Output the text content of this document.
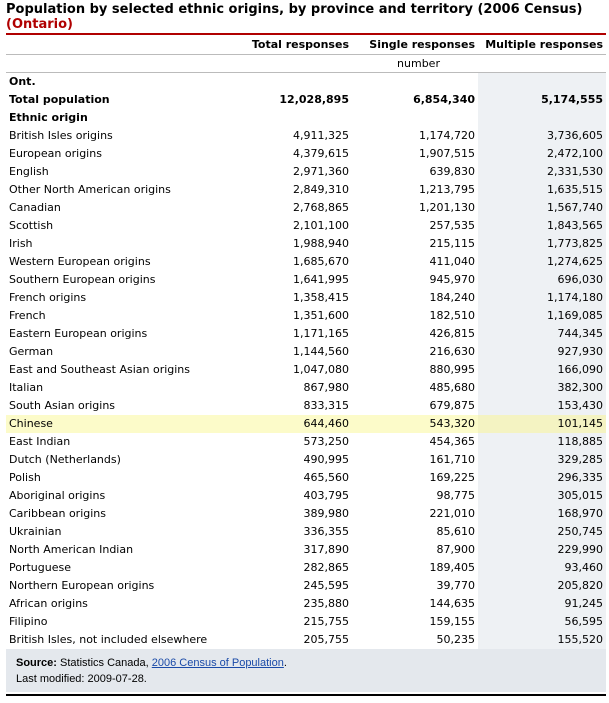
Population by selected ethnic origins, by province and territory (2006 Census)
(Ontario)
	Total responses	Single responses	Multiple responses
	number		
Ont.			
Total population	12,028,895	6,854,340	5,174,555
Ethnic origin			
British Isles origins	4,911,325	1,174,720	3,736,605
European origins	4,379,615	1,907,515	2,472,100
English	2,971,360	639,830	2,331,530
Other North American origins	2,849,310	1,213,795	1,635,515
Canadian	2,768,865	1,201,130	1,567,740
Scottish	2,101,100	257,535	1,843,565
Irish	1,988,940	215,115	1,773,825
Western European origins	1,685,670	411,040	1,274,625
Southern European origins	1,641,995	945,970	696,030
French origins	1,358,415	184,240	1,174,180
French	1,351,600	182,510	1,169,085
Eastern European origins	1,171,165	426,815	744,345
German	1,144,560	216,630	927,930
East and Southeast Asian origins	1,047,080	880,995	166,090
Italian	867,980	485,680	382,300
South Asian origins	833,315	679,875	153,430
Chinese	644,460	543,320	101,145
East Indian	573,250	454,365	118,885
Dutch (Netherlands)	490,995	161,710	329,285
Polish	465,560	169,225	296,335
Aboriginal origins	403,795	98,775	305,015
Caribbean origins	389,980	221,010	168,970
Ukrainian	336,355	85,610	250,745
North American Indian	317,890	87,900	229,990
Portuguese	282,865	189,405	93,460
Northern European origins	245,595	39,770	205,820
African origins	235,880	144,635	91,245
Filipino	215,755	159,155	56,595
British Isles, not included elsewhere	205,755	50,235	155,520
Source: Statistics Canada, 2006 Census of Population.
Last modified: 2009-07-28.
